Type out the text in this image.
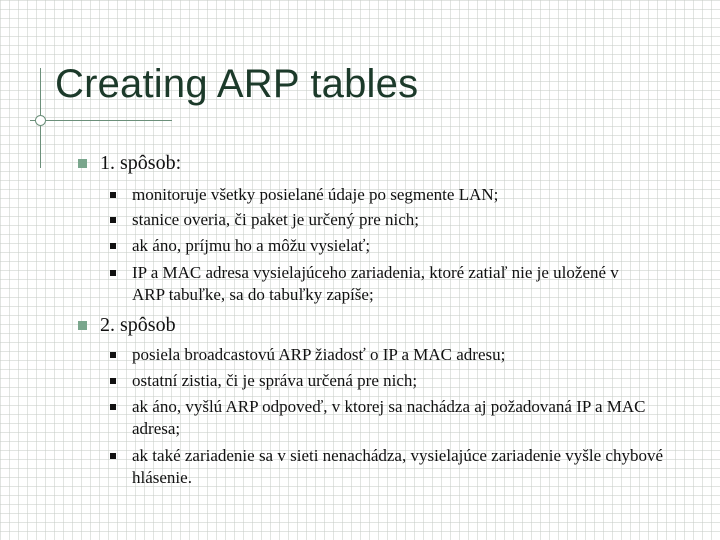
Creating ARP tables
1. spôsob:
monitoruje všetky posielané údaje po segmente LAN;
stanice overia, či paket je určený pre nich;
ak áno, príjmu ho a môžu vysielať;
IP a MAC adresa vysielajúceho zariadenia, ktoré zatiaľ nie je uložené v ARP tabuľke, sa do tabuľky zapíše;
2. spôsob
posiela broadcastovú ARP žiadosť o IP a MAC adresu;
ostatní zistia, či je správa určená pre nich;
ak áno, vyšlú ARP odpoveď, v ktorej sa nachádza aj požadovaná IP a MAC adresa;
ak také zariadenie sa v sieti nenachádza, vysielajúce zariadenie vyšle chybové hlásenie.
